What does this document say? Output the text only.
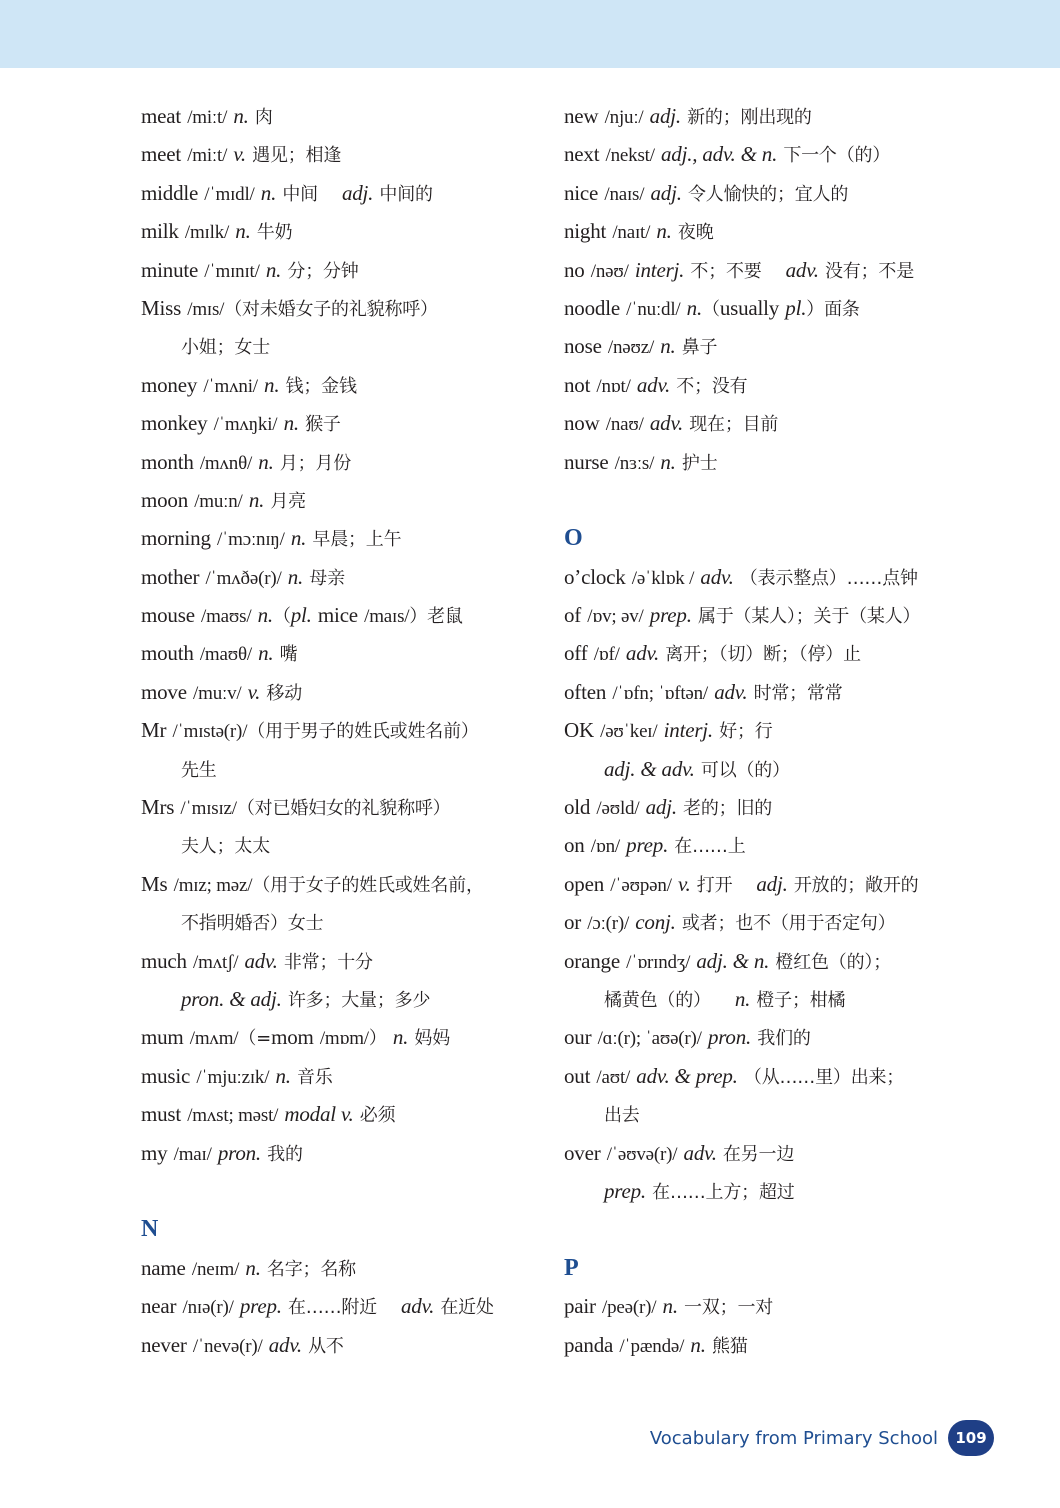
meat /miːt/ n. 肉
meet /miːt/ v. 遇见；相逢
middle /ˈmɪdl/ n. 中间 adj. 中间的
milk /mɪlk/ n. 牛奶
minute /ˈmɪnɪt/ n. 分；分钟
Miss /mɪs/（对未婚女子的礼貌称呼）
小姐；女士
money /ˈmʌni/ n. 钱；金钱
monkey /ˈmʌŋki/ n. 猴子
month /mʌnθ/ n. 月；月份
moon /muːn/ n. 月亮
morning /ˈmɔːnɪŋ/ n. 早晨；上午
mother /ˈmʌðə(r)/ n. 母亲
mouse /maʊs/ n.（pl. mice /maɪs/）老鼠
mouth /maʊθ/ n. 嘴
move /muːv/ v. 移动
Mr /ˈmɪstə(r)/（用于男子的姓氏或姓名前）
先生
Mrs /ˈmɪsɪz/（对已婚妇女的礼貌称呼）
夫人；太太
Ms /mɪz; məz/（用于女子的姓氏或姓名前，
不指明婚否）女士
much /mʌtʃ/ adv. 非常；十分
pron. & adj. 许多；大量；多少
mum /mʌm/（=mom /mɒm/） n. 妈妈
music /ˈmjuːzɪk/ n. 音乐
must /mʌst; məst/ modal v. 必须
my /maɪ/ pron. 我的
N
name /neɪm/ n. 名字；名称
near /nɪə(r)/ prep. 在……附近 adv. 在近处
never /ˈnevə(r)/ adv. 从不
new /njuː/ adj. 新的；刚出现的
next /nekst/ adj., adv. & n. 下一个（的）
nice /naɪs/ adj. 令人愉快的；宜人的
night /naɪt/ n. 夜晚
no /nəʊ/ interj. 不；不要 adv. 没有；不是
noodle /ˈnuːdl/ n.（usually pl.）面条
nose /nəʊz/ n. 鼻子
not /nɒt/ adv. 不；没有
now /naʊ/ adv. 现在；目前
nurse /nɜːs/ n. 护士
O
o’clock /əˈklɒk / adv. （表示整点）……点钟
of /ɒv; əv/ prep. 属于（某人）；关于（某人）
off /ɒf/ adv. 离开；（切）断；（停）止
often /ˈɒfn; ˈɒftən/ adv. 时常；常常
OK /əʊˈkeɪ/ interj. 好；行
adj. & adv. 可以（的）
old /əʊld/ adj. 老的；旧的
on /ɒn/ prep. 在……上
open /ˈəʊpən/ v. 打开 adj. 开放的；敞开的
or /ɔː(r)/ conj. 或者；也不（用于否定句）
orange /ˈɒrɪndʒ/ adj. & n. 橙红色（的）；
橘黄色（的） n. 橙子；柑橘
our /ɑː(r); ˈaʊə(r)/ pron. 我们的
out /aʊt/ adv. & prep. （从……里）出来；
出去
over /ˈəʊvə(r)/ adv. 在另一边
prep. 在……上方；超过
P
pair /peə(r)/ n. 一双；一对
panda /ˈpændə/ n. 熊猫
Vocabulary from Primary School	109
